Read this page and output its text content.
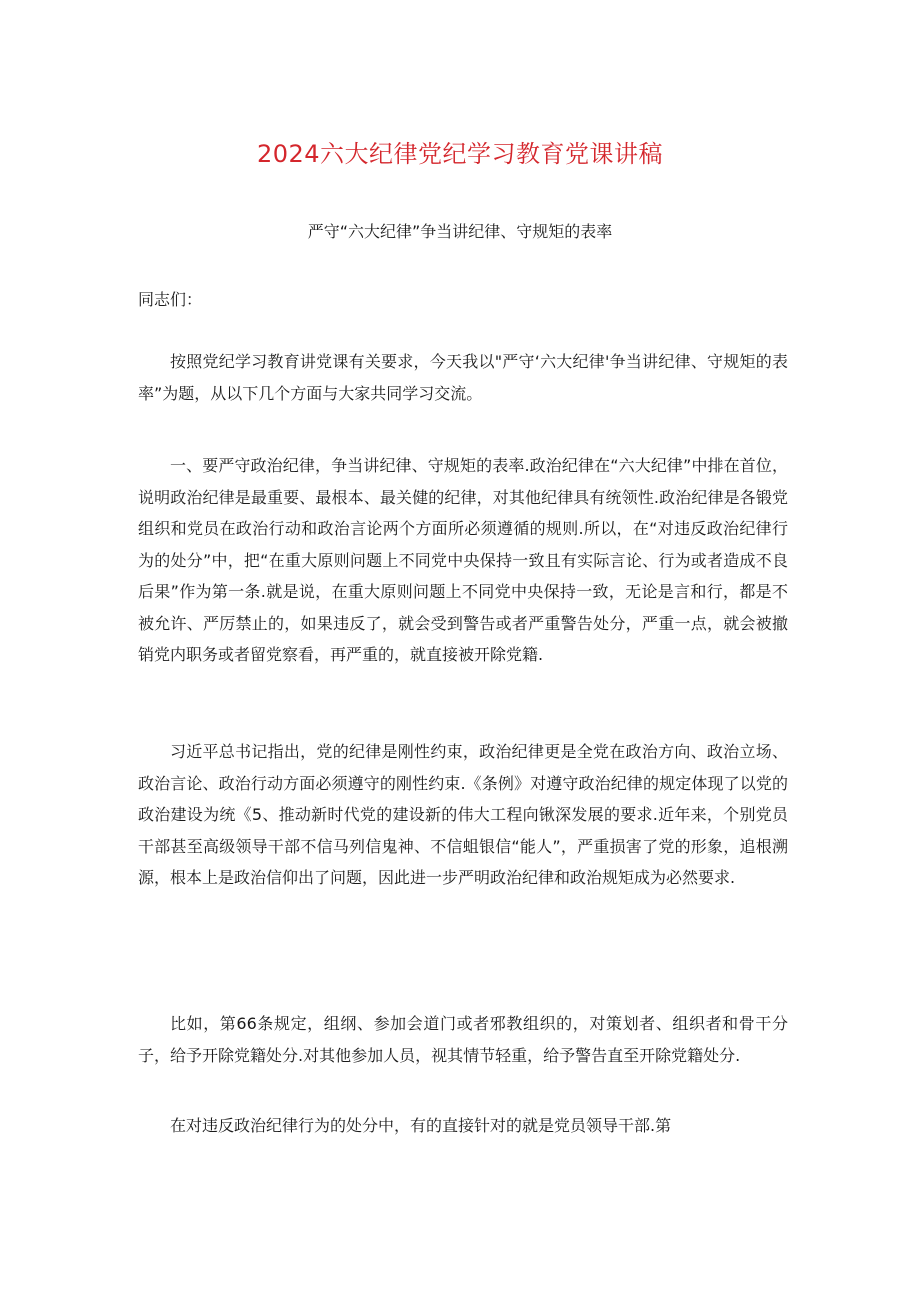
2024六大纪律党纪学习教育党课讲稿
严守“六大纪律”争当讲纪律、守规矩的表率
同志们：

按照党纪学习教育讲党课有关要求，今天我以"严守‘六大纪律'争当讲纪律、守规矩的表率”为题，从以下几个方面与大家共同学习交流。

一、要严守政治纪律，争当讲纪律、守规矩的表率.政治纪律在“六大纪律”中排在首位，说明政治纪律是最重要、最根本、最关健的纪律，对其他纪律具有统领性.政治纪律是各锻党组织和党员在政治行动和政治言论两个方面所必须遵循的规则.所以，在“对违反政治纪律行为的处分”中，把“在重大原则问题上不同党中央保持一致且有实际言论、行为或者造成不良后果”作为第一条.就是说，在重大原则问题上不同党中央保持一致，无论是言和行，都是不被允许、严厉禁止的，如果违反了，就会受到警告或者严重警告处分，严重一点，就会被撤销党内职务或者留党察看，再严重的，就直接被开除党籍.

习近平总书记指出，党的纪律是刚性约束，政治纪律更是全党在政治方向、政治立场、政治言论、政治行动方面必须遵守的刚性约束.《条例》对遵守政治纪律的规定体现了以党的政治建设为统《5、推动新时代党的建设新的伟大工程向锹深发展的要求.近年来，个别党员干部甚至高级领导干部不信马列信鬼神、不信蛆银信“能人”，严重损害了党的形象，追根溯源，根本上是政治信仰出了问题，因此进一步严明政治纪律和政治规矩成为必然要求.

比如，第66条规定，组纲、参加会道门或者邪教组织的，对策划者、组织者和骨干分子，给予开除党籍处分.对其他参加人员，视其情节轻重，给予警告直至开除党籍处分.

在对违反政治纪律行为的处分中，有的直接针对的就是党员领导干部.第
